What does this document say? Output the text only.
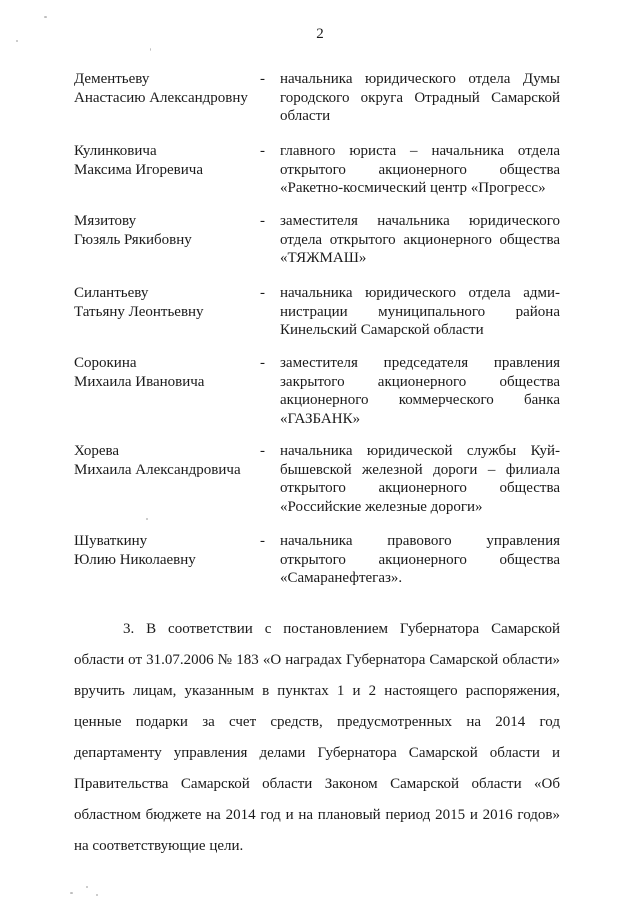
2
Дементьеву
Анастасию Александровну
- начальника юридического отдела Думы
городского округа Отрадный Самарской
области
Кулинковича
Максима Игоревича
- главного юриста – начальника отдела
открытого акционерного общества
«Ракетно-космический центр «Прогресс»
Мязитову
Гюзяль Рякибовну
- заместителя начальника юридического
отдела открытого акционерного общества
«ТЯЖМАШ»
Силантьеву
Татьяну Леонтьевну
- начальника юридического отдела адми-
нистрации муниципального района
Кинельский Самарской области
Сорокина
Михаила Ивановича
- заместителя председателя правления
закрытого акционерного общества
акционерного коммерческого банка
«ГАЗБАНК»
Хорева
Михаила Александровича
- начальника юридической службы Куй-
бышевской железной дороги – филиала
открытого акционерного общества
«Российские железные дороги»
Шуваткину
Юлию Николаевну
- начальника правового управления
открытого акционерного общества
«Самаранефтегаз».
3. В соответствии с постановлением Губернатора Самарской области от 31.07.2006 № 183 «О наградах Губернатора Самарской области» вручить лицам, указанным в пунктах 1 и 2 настоящего распоряжения, ценные подарки за счет средств, предусмотренных на 2014 год департаменту управления делами Губернатора Самарской области и Правительства Самарской области Законом Самарской области «Об областном бюджете на 2014 год и на плановый период 2015 и 2016 годов» на соответствующие цели.
